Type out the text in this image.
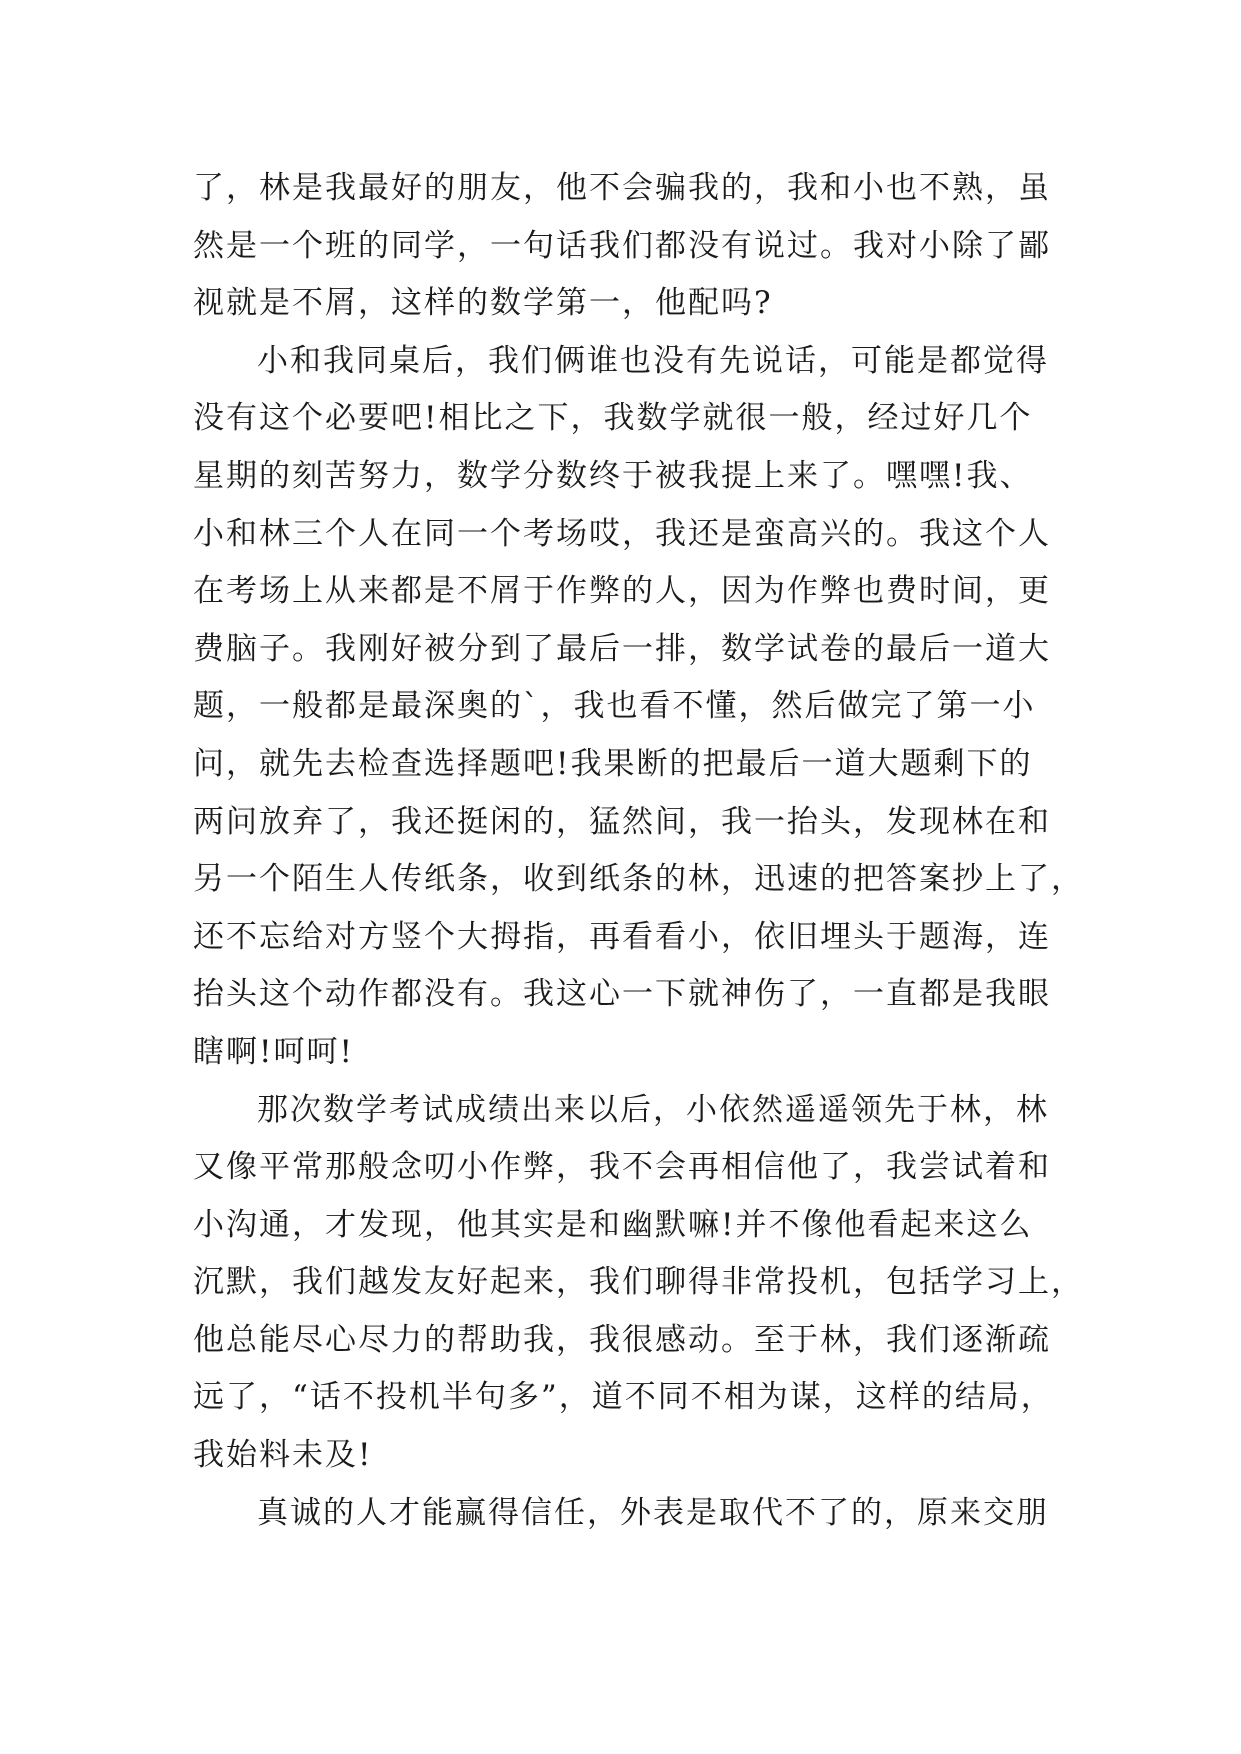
了，林是我最好的朋友，他不会骗我的，我和小也不熟，虽
然是一个班的同学，一句话我们都没有说过。我对小除了鄙
视就是不屑，这样的数学第一，他配吗?
小和我同桌后，我们俩谁也没有先说话，可能是都觉得
没有这个必要吧!相比之下，我数学就很一般，经过好几个
星期的刻苦努力，数学分数终于被我提上来了。嘿嘿!我、
小和林三个人在同一个考场哎，我还是蛮高兴的。我这个人
在考场上从来都是不屑于作弊的人，因为作弊也费时间，更
费脑子。我刚好被分到了最后一排，数学试卷的最后一道大
题，一般都是最深奥的`，我也看不懂，然后做完了第一小
问，就先去检查选择题吧!我果断的把最后一道大题剩下的
两问放弃了，我还挺闲的，猛然间，我一抬头，发现林在和
另一个陌生人传纸条，收到纸条的林，迅速的把答案抄上了，
还不忘给对方竖个大拇指，再看看小，依旧埋头于题海，连
抬头这个动作都没有。我这心一下就神伤了，一直都是我眼
瞎啊!呵呵!
那次数学考试成绩出来以后，小依然遥遥领先于林，林
又像平常那般念叨小作弊，我不会再相信他了，我尝试着和
小沟通，才发现，他其实是和幽默嘛!并不像他看起来这么
沉默，我们越发友好起来，我们聊得非常投机，包括学习上，
他总能尽心尽力的帮助我，我很感动。至于林，我们逐渐疏
远了，“话不投机半句多”，道不同不相为谋，这样的结局，
我始料未及!
真诚的人才能赢得信任，外表是取代不了的，原来交朋
